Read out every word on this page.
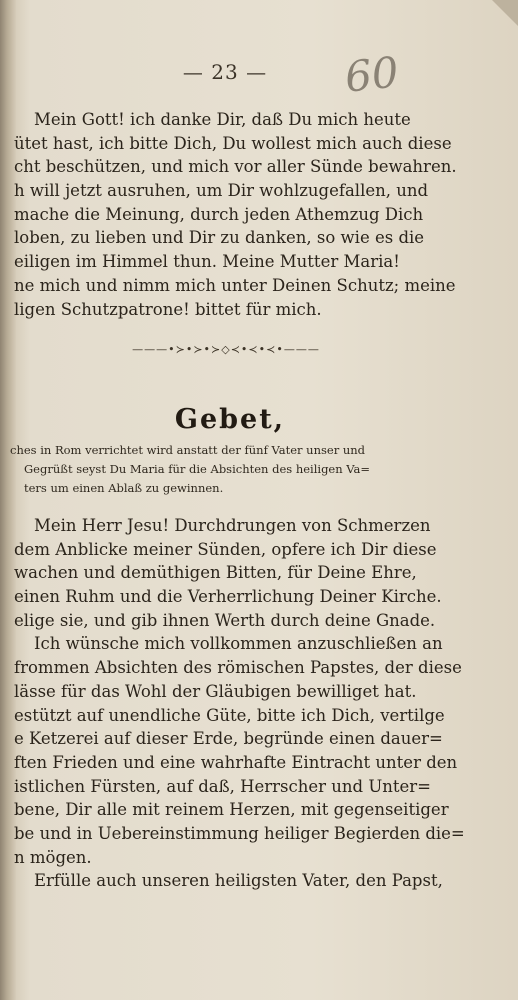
— 23 —	60
Mein Gott! ich danke Dir, daß Du mich heute
ütet hast, ich bitte Dich, Du wollest mich auch diese
cht beschützen, und mich vor aller Sünde bewahren.
h will jetzt ausruhen, um Dir wohlzugefallen, und
mache die Meinung, durch jeden Athemzug Dich
loben, zu lieben und Dir zu danken, so wie es die
eiligen im Himmel thun. Meine Mutter Maria!
ne mich und nimm mich unter Deinen Schutz; meine
ligen Schutzpatrone! bittet für mich.
———•≻•≻•≻◇≺•≺•≺•———
Gebet,
ches in Rom verrichtet wird anstatt der fünf Vater unser und
Gegrüßt seyst Du Maria für die Absichten des heiligen Va=
ters um einen Ablaß zu gewinnen.
Mein Herr Jesu! Durchdrungen von Schmerzen
dem Anblicke meiner Sünden, opfere ich Dir diese
wachen und demüthigen Bitten, für Deine Ehre,
einen Ruhm und die Verherrlichung Deiner Kirche.
elige sie, und gib ihnen Werth durch deine Gnade.
Ich wünsche mich vollkommen anzuschließen an
frommen Absichten des römischen Papstes, der diese
lässe für das Wohl der Gläubigen bewilliget hat.
estützt auf unendliche Güte, bitte ich Dich, vertilge
e Ketzerei auf dieser Erde, begründe einen dauer=
ften Frieden und eine wahrhafte Eintracht unter den
istlichen Fürsten, auf daß, Herrscher und Unter=
bene, Dir alle mit reinem Herzen, mit gegenseitiger
be und in Uebereinstimmung heiliger Begierden die=
n mögen.
Erfülle auch unseren heiligsten Vater, den Papst,
